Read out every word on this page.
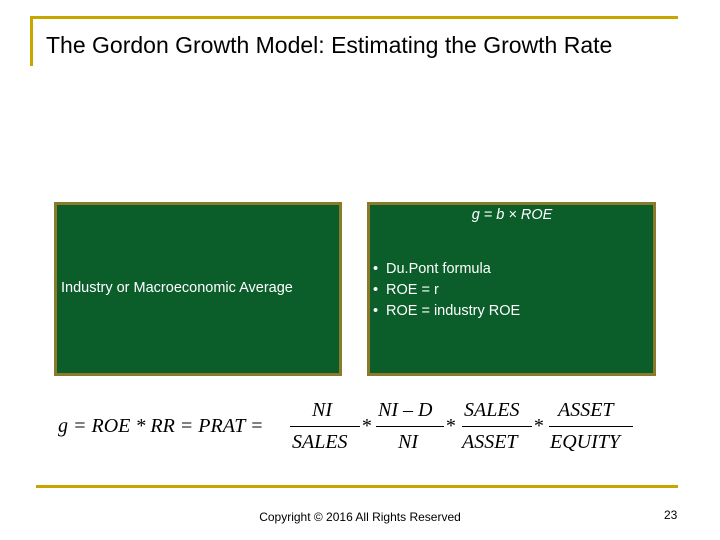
The Gordon Growth Model: Estimating the Growth Rate
Industry or Macroeconomic Average
g = b × ROE
• Du.Pont formula
• ROE = r
• ROE = industry ROE
g = ROE * RR = PRAT =
NI
SALES
*
NI – D
NI
*
SALES
ASSET
*
ASSET
EQUITY
Copyright © 2016 All Rights Reserved	23
